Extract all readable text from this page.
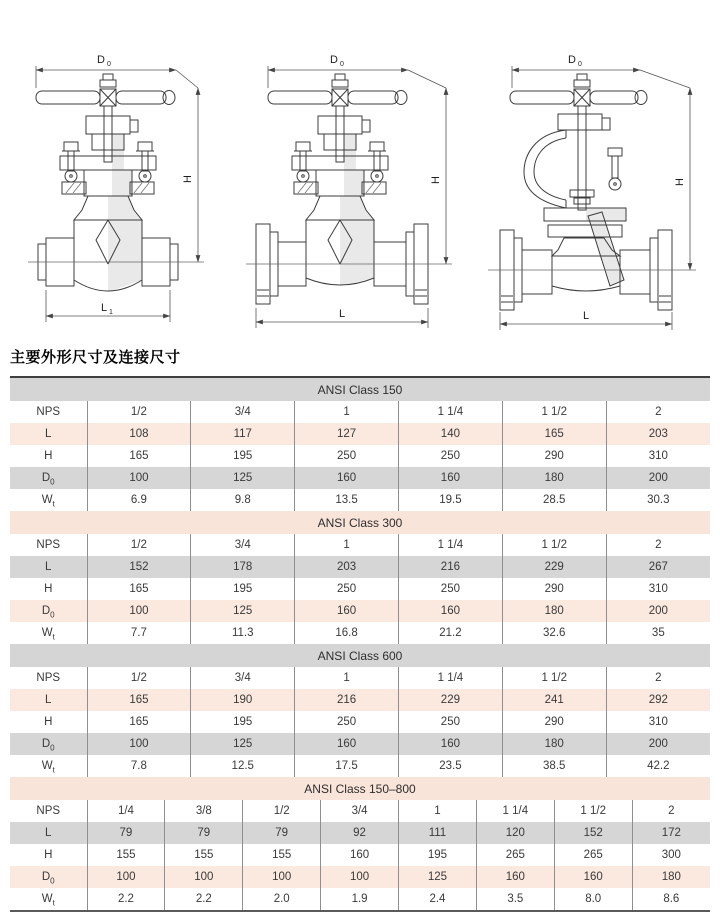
D 0
H
L 1
D 0
H
L
D 0
H
L
主要外形尺寸及连接尺寸
ANSI Class 150						
NPS	1/2	3/4	1	1 1/4	1 1/2	2
L	108	117	127	140	165	203
H	165	195	250	250	290	310
$D_0$	100	125	160	160	180	200
$W_t$	6.9	9.8	13.5	19.5	28.5	30.3
ANSI Class 300						
NPS	1/2	3/4	1	1 1/4	1 1/2	2
L	152	178	203	216	229	267
H	165	195	250	250	290	310
$D_0$	100	125	160	160	180	200
$W_t$	7.7	11.3	16.8	21.2	32.6	35
ANSI Class 600						
NPS	1/2	3/4	1	1 1/4	1 1/2	2
L	165	190	216	229	241	292
H	165	195	250	250	290	310
$D_0$	100	125	160	160	180	200
$W_t$	7.8	12.5	17.5	23.5	38.5	42.2
ANSI Class 150–800								
NPS	1/4	3/8	1/2	3/4	1	1 1/4	1 1/2	2
L	79	79	79	92	111	120	152	172
H	155	155	155	160	195	265	265	300
$D_0$	100	100	100	100	125	160	160	180
$W_t$	2.2	2.2	2.0	1.9	2.4	3.5	8.0	8.6
